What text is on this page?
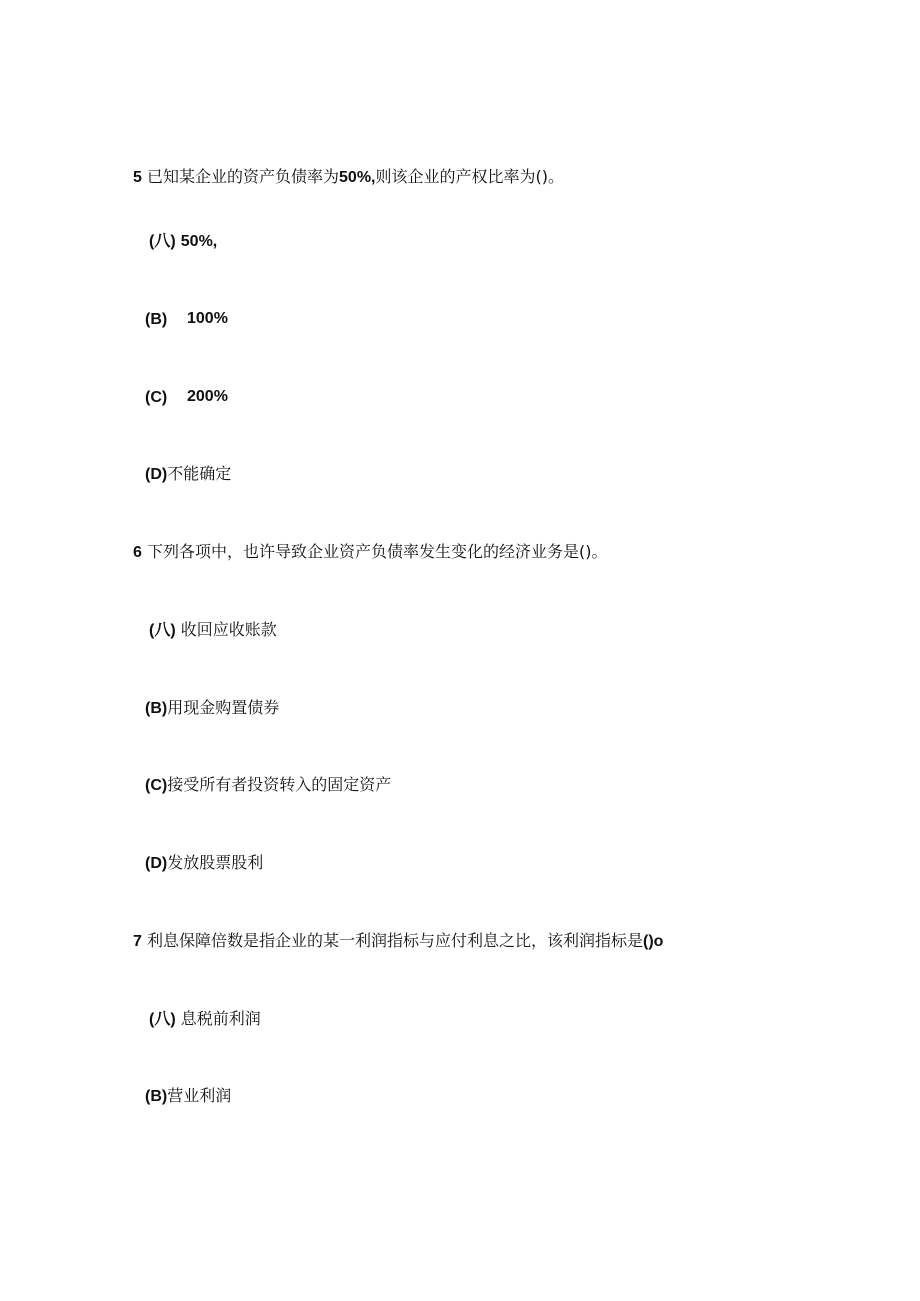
5 已知某企业的资产负债率为50%,则该企业的产权比率为()。
(八) 50%,
(B) 100%
(C) 200%
(D)不能确定
6 下列各项中，也许导致企业资产负债率发生变化的经济业务是()。
(八) 收回应收账款
(B)用现金购置债券
(C)接受所有者投资转入的固定资产
(D)发放股票股利
7 利息保障倍数是指企业的某一利润指标与应付利息之比，该利润指标是()o
(八) 息税前利润
(B)营业利润
